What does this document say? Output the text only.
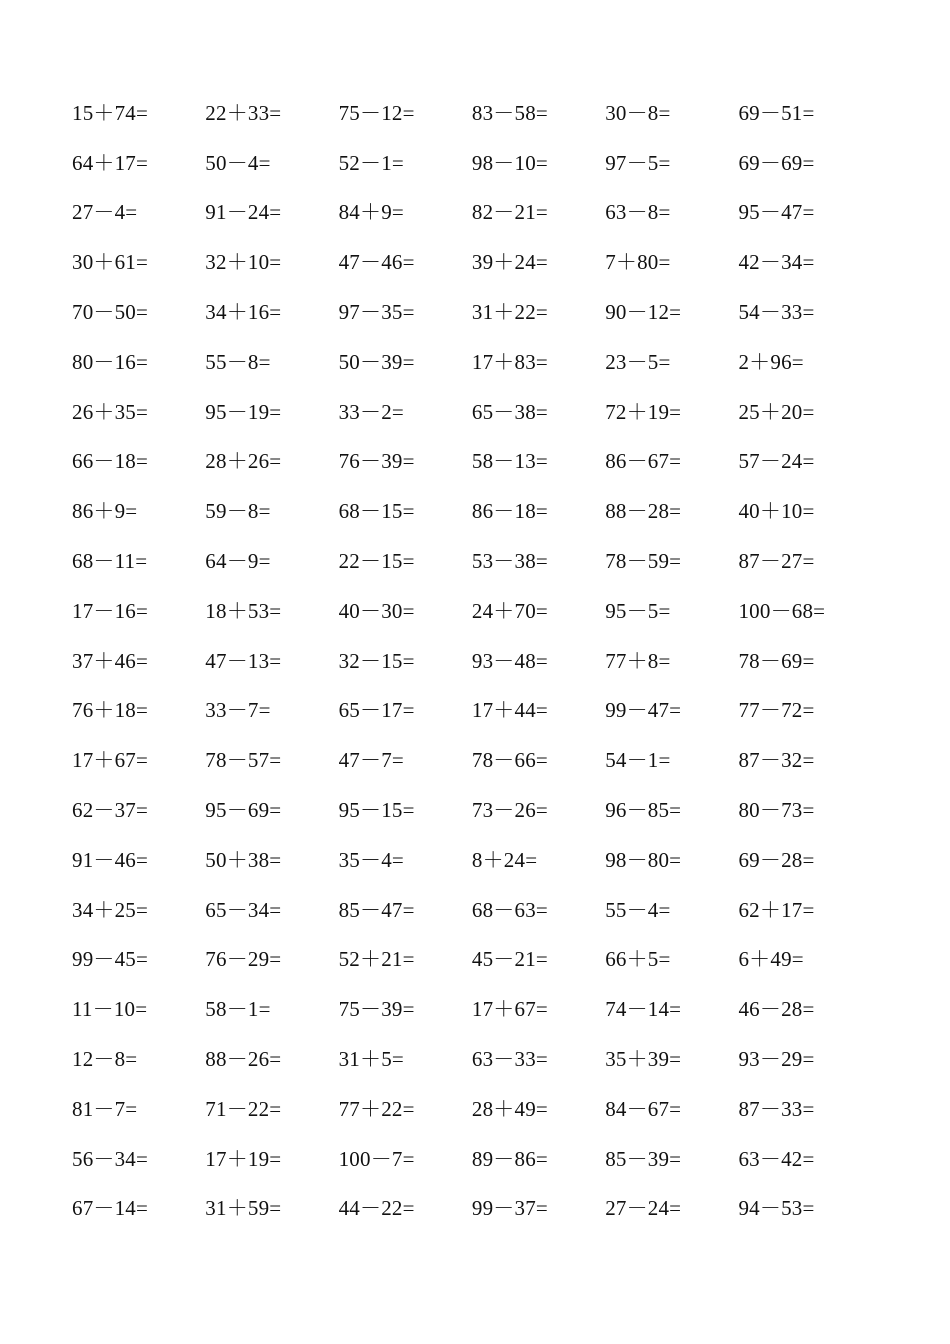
15＋74=	22＋33=	75－12=	83－58=	30－8=	69－51=
64＋17=	50－4=	52－1=	98－10=	97－5=	69－69=
27－4=	91－24=	84＋9=	82－21=	63－8=	95－47=
30＋61=	32＋10=	47－46=	39＋24=	7＋80=	42－34=
70－50=	34＋16=	97－35=	31＋22=	90－12=	54－33=
80－16=	55－8=	50－39=	17＋83=	23－5=	2＋96=
26＋35=	95－19=	33－2=	65－38=	72＋19=	25＋20=
66－18=	28＋26=	76－39=	58－13=	86－67=	57－24=
86＋9=	59－8=	68－15=	86－18=	88－28=	40＋10=
68－11=	64－9=	22－15=	53－38=	78－59=	87－27=
17－16=	18＋53=	40－30=	24＋70=	95－5=	100－68=
37＋46=	47－13=	32－15=	93－48=	77＋8=	78－69=
76＋18=	33－7=	65－17=	17＋44=	99－47=	77－72=
17＋67=	78－57=	47－7=	78－66=	54－1=	87－32=
62－37=	95－69=	95－15=	73－26=	96－85=	80－73=
91－46=	50＋38=	35－4=	8＋24=	98－80=	69－28=
34＋25=	65－34=	85－47=	68－63=	55－4=	62＋17=
99－45=	76－29=	52＋21=	45－21=	66＋5=	6＋49=
11－10=	58－1=	75－39=	17＋67=	74－14=	46－28=
12－8=	88－26=	31＋5=	63－33=	35＋39=	93－29=
81－7=	71－22=	77＋22=	28＋49=	84－67=	87－33=
56－34=	17＋19=	100－7=	89－86=	85－39=	63－42=
67－14=	31＋59=	44－22=	99－37=	27－24=	94－53=
